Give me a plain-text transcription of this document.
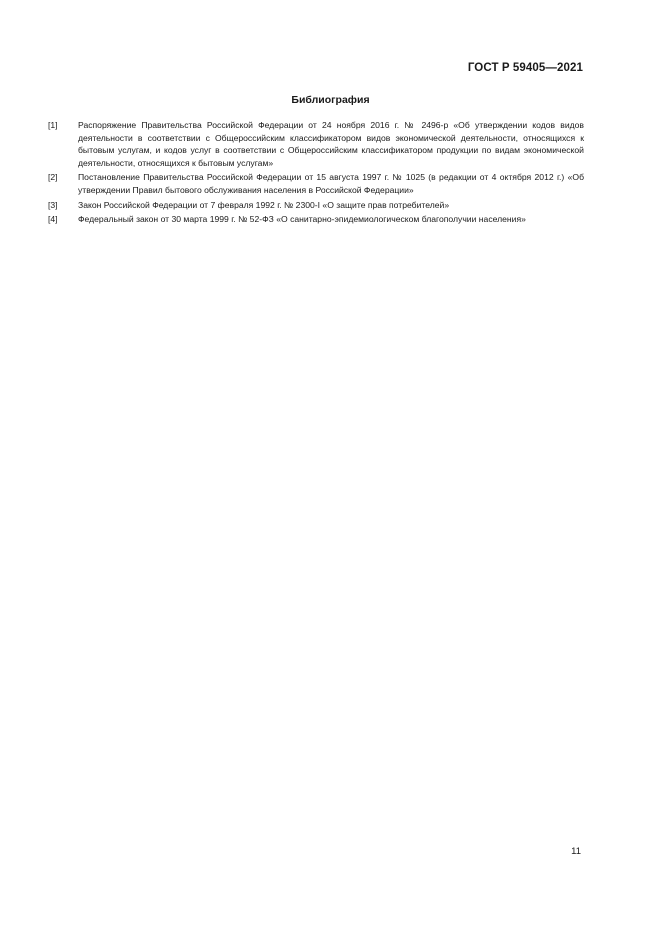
ГОСТ Р 59405—2021
Библиография
[1]	Распоряжение Правительства Российской Федерации от 24 ноября 2016 г. № 2496-р «Об утверждении кодов видов деятельности в соответствии с Общероссийским классификатором видов экономической деятельности, относящихся к бытовым услугам, и кодов услуг в соответствии с Общероссийским классификатором продукции по видам экономической деятельности, относящихся к бытовым услугам»
[2]	Постановление Правительства Российской Федерации от 15 августа 1997 г. № 1025 (в редакции от 4 октября 2012 г.) «Об утверждении Правил бытового обслуживания населения в Российской Федерации»
[3]	Закон Российской Федерации от 7 февраля 1992 г. № 2300-I «О защите прав потребителей»
[4]	Федеральный закон от 30 марта 1999 г. № 52-ФЗ «О санитарно-эпидемиологическом благополучии населения»
11
